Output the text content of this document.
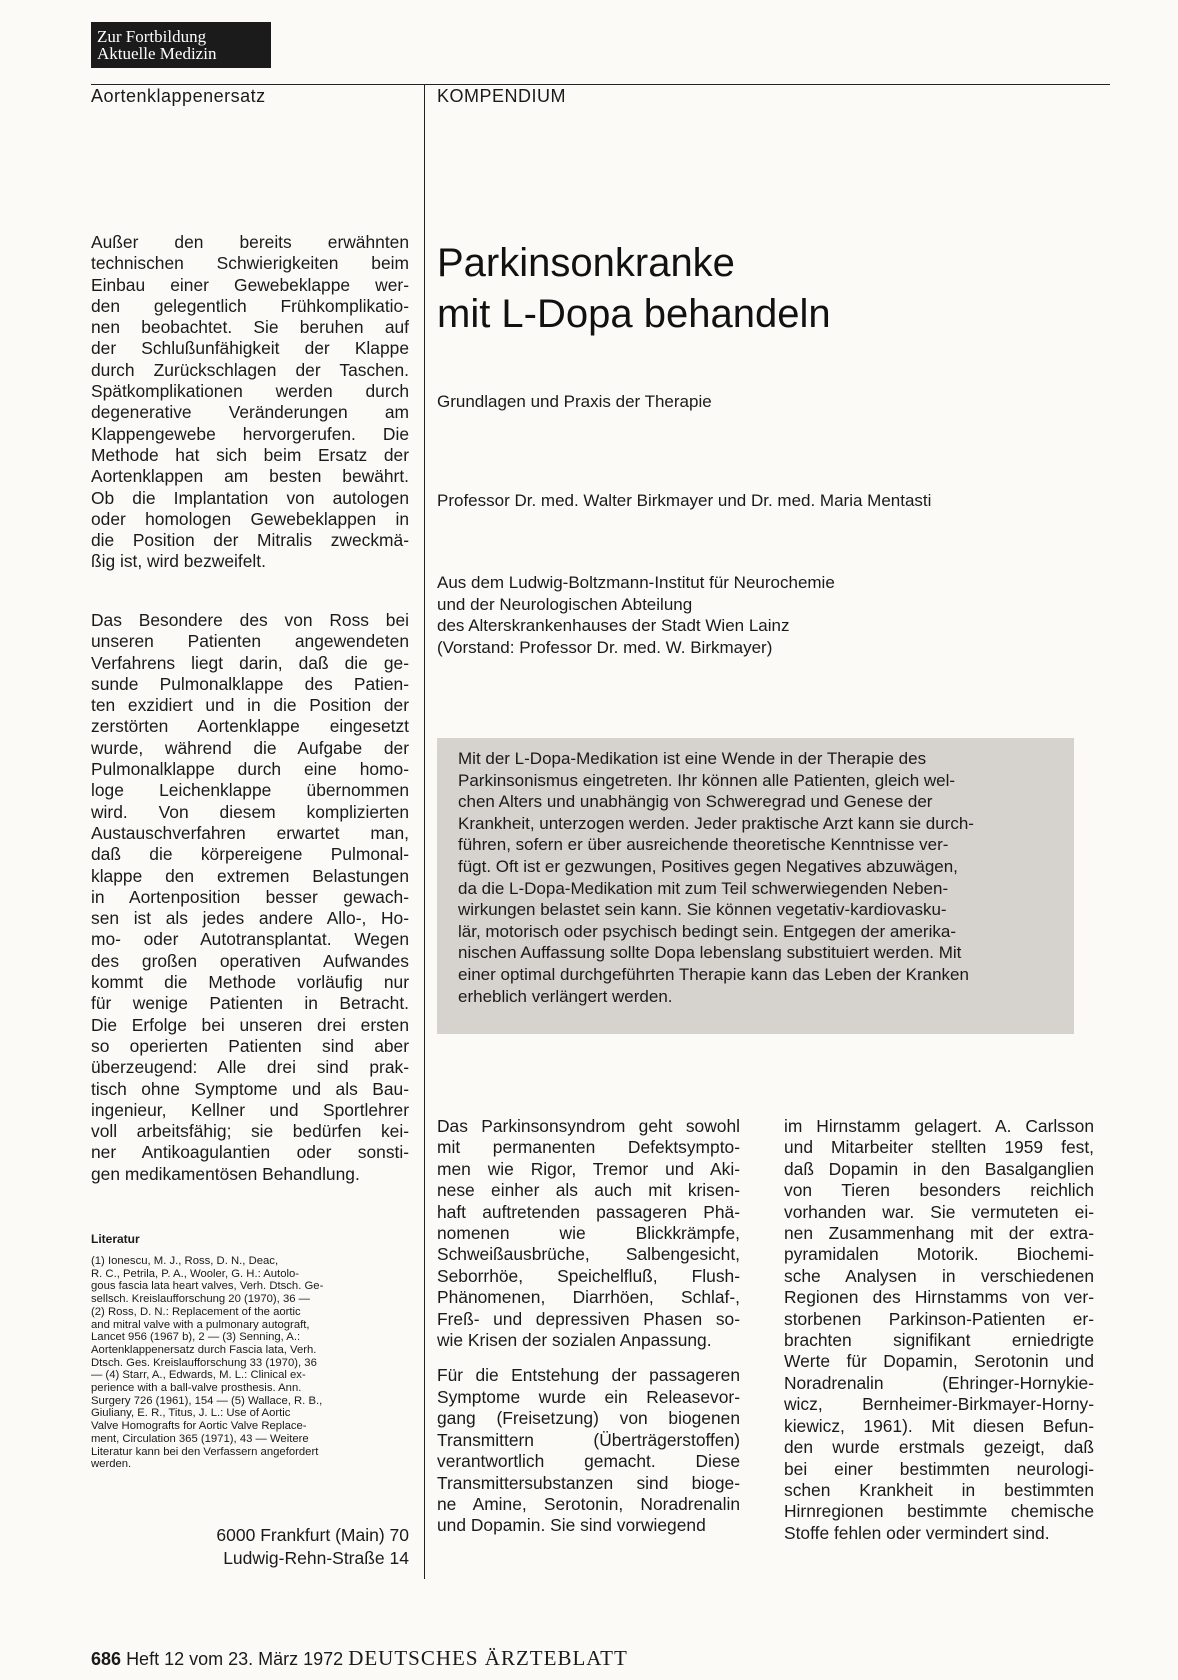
Zur Fortbildung
Aktuelle Medizin
Aortenklappenersatz	KOMPENDIUM
Außer den bereits erwähnten
technischen Schwierigkeiten beim
Einbau einer Gewebeklappe wer-
den gelegentlich Frühkomplikatio-
nen beobachtet. Sie beruhen auf
der Schlußunfähigkeit der Klappe
durch Zurückschlagen der Taschen.
Spätkomplikationen werden durch
degenerative Veränderungen am
Klappengewebe hervorgerufen. Die
Methode hat sich beim Ersatz der
Aortenklappen am besten bewährt.
Ob die Implantation von autologen
oder homologen Gewebeklappen in
die Position der Mitralis zweckmä-
ßig ist, wird bezweifelt.
Das Besondere des von Ross bei
unseren Patienten angewendeten
Verfahrens liegt darin, daß die ge-
sunde Pulmonalklappe des Patien-
ten exzidiert und in die Position der
zerstörten Aortenklappe eingesetzt
wurde, während die Aufgabe der
Pulmonalklappe durch eine homo-
loge Leichenklappe übernommen
wird. Von diesem komplizierten
Austauschverfahren erwartet man,
daß die körpereigene Pulmonal-
klappe den extremen Belastungen
in Aortenposition besser gewach-
sen ist als jedes andere Allo-, Ho-
mo- oder Autotransplantat. Wegen
des großen operativen Aufwandes
kommt die Methode vorläufig nur
für wenige Patienten in Betracht.
Die Erfolge bei unseren drei ersten
so operierten Patienten sind aber
überzeugend: Alle drei sind prak-
tisch ohne Symptome und als Bau-
ingenieur, Kellner und Sportlehrer
voll arbeitsfähig; sie bedürfen kei-
ner Antikoagulantien oder sonsti-
gen medikamentösen Behandlung.
Literatur
(1) Ionescu, M. J., Ross, D. N., Deac,
R. C., Petrila, P. A., Wooler, G. H.: Autolo-
gous fascia lata heart valves, Verh. Dtsch. Ge-
sellsch. Kreislaufforschung 20 (1970), 36 —
(2) Ross, D. N.: Replacement of the aortic
and mitral valve with a pulmonary autograft,
Lancet 956 (1967 b), 2 — (3) Senning, A.:
Aortenklappenersatz durch Fascia lata, Verh.
Dtsch. Ges. Kreislaufforschung 33 (1970), 36
— (4) Starr, A., Edwards, M. L.: Clinical ex-
perience with a ball-valve prosthesis. Ann.
Surgery 726 (1961), 154 — (5) Wallace, R. B.,
Giuliany, E. R., Titus, J. L.: Use of Aortic
Valve Homografts for Aortic Valve Replace-
ment, Circulation 365 (1971), 43 — Weitere
Literatur kann bei den Verfassern angefordert
werden.
6000 Frankfurt (Main) 70
Ludwig-Rehn-Straße 14
Parkinsonkranke
mit L-Dopa behandeln
Grundlagen und Praxis der Therapie
Professor Dr. med. Walter Birkmayer und Dr. med. Maria Mentasti
Aus dem Ludwig-Boltzmann-Institut für Neurochemie
und der Neurologischen Abteilung
des Alterskrankenhauses der Stadt Wien Lainz
(Vorstand: Professor Dr. med. W. Birkmayer)
Mit der L-Dopa-Medikation ist eine Wende in der Therapie des
Parkinsonismus eingetreten. Ihr können alle Patienten, gleich wel-
chen Alters und unabhängig von Schweregrad und Genese der
Krankheit, unterzogen werden. Jeder praktische Arzt kann sie durch-
führen, sofern er über ausreichende theoretische Kenntnisse ver-
fügt. Oft ist er gezwungen, Positives gegen Negatives abzuwägen,
da die L-Dopa-Medikation mit zum Teil schwerwiegenden Neben-
wirkungen belastet sein kann. Sie können vegetativ-kardiovasku-
lär, motorisch oder psychisch bedingt sein. Entgegen der amerika-
nischen Auffassung sollte Dopa lebenslang substituiert werden. Mit
einer optimal durchgeführten Therapie kann das Leben der Kranken
erheblich verlängert werden.
Das Parkinsonsyndrom geht sowohl
mit permanenten Defektsympto-
men wie Rigor, Tremor und Aki-
nese einher als auch mit krisen-
haft auftretenden passageren Phä-
nomenen wie Blickkrämpfe,
Schweißausbrüche, Salbengesicht,
Seborrhöe, Speichelfluß, Flush-
Phänomenen, Diarrhöen, Schlaf-,
Freß- und depressiven Phasen so-
wie Krisen der sozialen Anpassung.
Für die Entstehung der passageren
Symptome wurde ein Releasevor-
gang (Freisetzung) von biogenen
Transmittern (Überträgerstoffen)
verantwortlich gemacht. Diese
Transmittersubstanzen sind bioge-
ne Amine, Serotonin, Noradrenalin
und Dopamin. Sie sind vorwiegend
im Hirnstamm gelagert. A. Carlsson
und Mitarbeiter stellten 1959 fest,
daß Dopamin in den Basalganglien
von Tieren besonders reichlich
vorhanden war. Sie vermuteten ei-
nen Zusammenhang mit der extra-
pyramidalen Motorik. Biochemi-
sche Analysen in verschiedenen
Regionen des Hirnstamms von ver-
storbenen Parkinson-Patienten er-
brachten signifikant erniedrigte
Werte für Dopamin, Serotonin und
Noradrenalin (Ehringer-Hornykie-
wicz, Bernheimer-Birkmayer-Horny-
kiewicz, 1961). Mit diesen Befun-
den wurde erstmals gezeigt, daß
bei einer bestimmten neurologi-
schen Krankheit in bestimmten
Hirnregionen bestimmte chemische
Stoffe fehlen oder vermindert sind.
686 Heft 12 vom 23. März 1972 DEUTSCHES ÄRZTEBLATT
